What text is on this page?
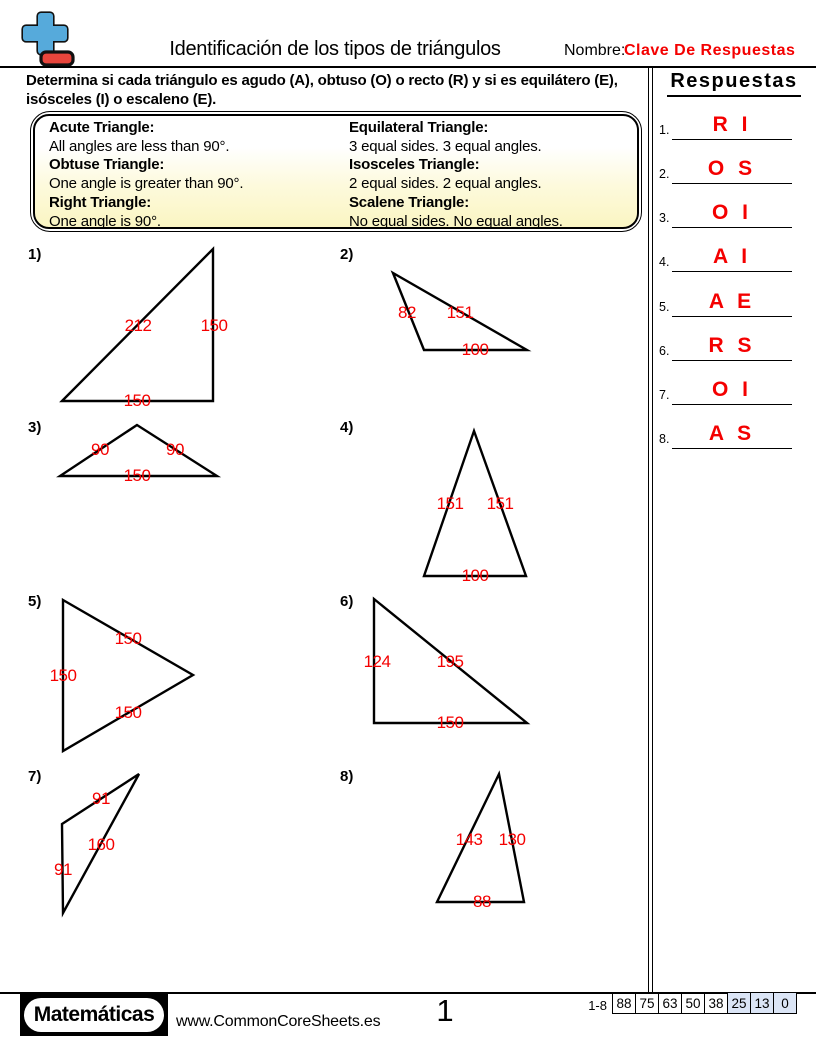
Identificación de los tipos de triángulos	Nombre:
Clave De Respuestas
Determina si cada triángulo es agudo (A), obtuso (O) o recto (R) y si es equilátero (E), isósceles (I) o escaleno (E).
Acute Triangle:
All angles are less than 90°.
Obtuse Triangle:
One angle is greater than 90°.
Right Triangle:
One angle is 90°.
Equilateral Triangle:
3 equal sides. 3 equal angles.
Isosceles Triangle:
2 equal sides. 2 equal angles.
Scalene Triangle:
No equal sides. No equal angles.
1)
212	150
150
2)
82 151
100
3)
90	90
150
4)
151 151
100
5)
150
150
150
6)
124	195
150
7)
91
160
91
8)
143 130
88
Respuestas
1.	R I
2.	O S
3.	O I
4.	A I
5.	A E
6.	R S
7.	O I
8.	A S
Matemáticas	www.CommonCoreSheets.es	1	1-8 88	75	63	50	38	25	13	0
